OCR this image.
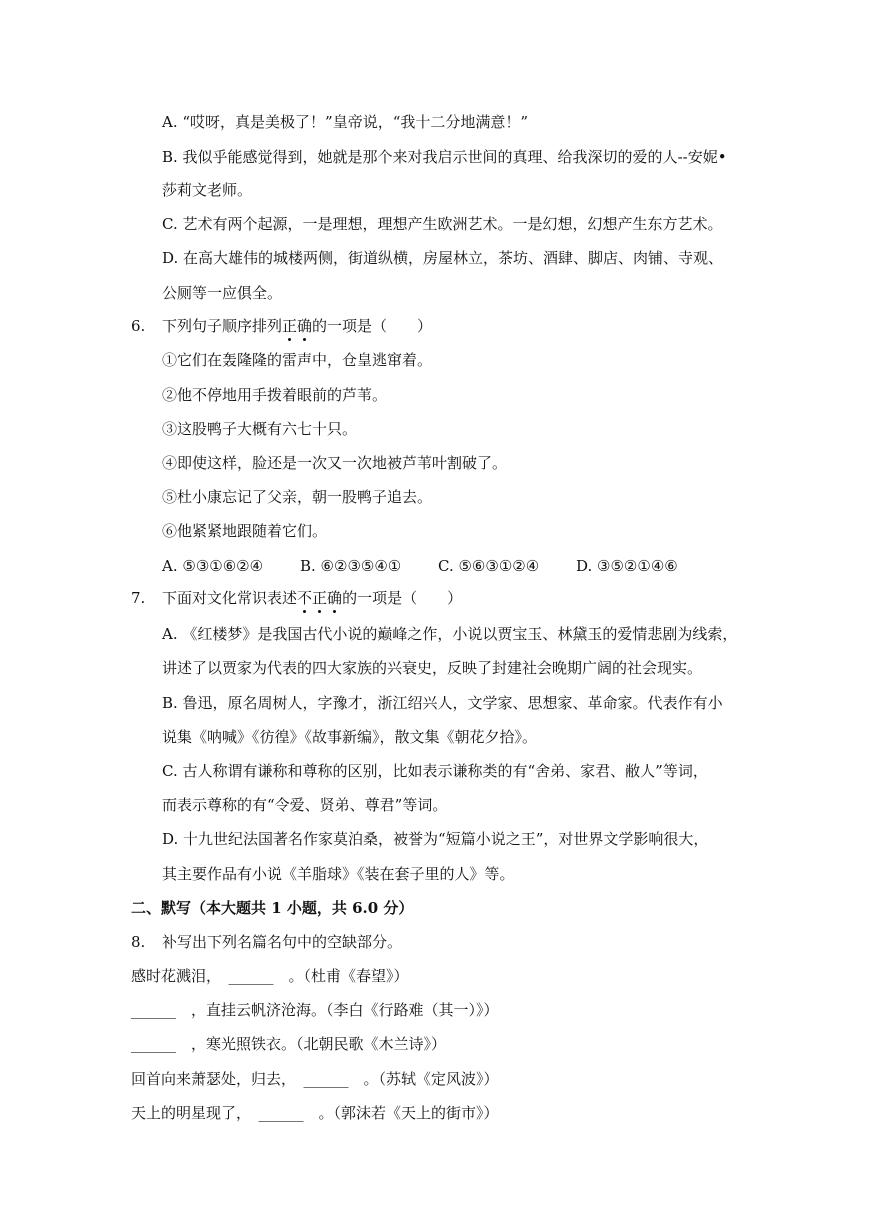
A. “哎呀，真是美极了！”皇帝说，“我十二分地满意！”
B. 我似乎能感觉得到，她就是那个来对我启示世间的真理、给我深切的爱的人--安妮•
莎莉文老师。
C. 艺术有两个起源，一是理想，理想产生欧洲艺术。一是幻想，幻想产生东方艺术。
D. 在高大雄伟的城楼两侧，街道纵横，房屋林立，茶坊、酒肆、脚店、肉铺、寺观、
公厕等一应俱全。
6. 下列句子顺序排列正确的一项是（　　）
①它们在轰隆隆的雷声中，仓皇逃窜着。
②他不停地用手拨着眼前的芦苇。
③这股鸭子大概有六七十只。
④即使这样，脸还是一次又一次地被芦苇叶割破了。
⑤杜小康忘记了父亲，朝一股鸭子追去。
⑥他紧紧地跟随着它们。
A. ⑤③①⑥②④ B. ⑥②③⑤④① C. ⑤⑥③①②④ D. ③⑤②①④⑥
7. 下面对文化常识表述不正确的一项是（　　）
A. 《红楼梦》是我国古代小说的巅峰之作，小说以贾宝玉、林黛玉的爱情悲剧为线索，
讲述了以贾家为代表的四大家族的兴衰史，反映了封建社会晚期广阔的社会现实。
B. 鲁迅，原名周树人，字豫才，浙江绍兴人，文学家、思想家、革命家。代表作有小
说集《呐喊》《彷徨》《故事新编》，散文集《朝花夕拾》。
C. 古人称谓有谦称和尊称的区别，比如表示谦称类的有“舍弟、家君、敝人”等词，
而表示尊称的有“令爱、贤弟、尊君”等词。
D. 十九世纪法国著名作家莫泊桑，被誉为“短篇小说之王”，对世界文学影响很大，
其主要作品有小说《羊脂球》《装在套子里的人》等。
二、默写（本大题共 1 小题，共 6.0 分）
8. 补写出下列名篇名句中的空缺部分。
感时花溅泪，　 ______　 。（杜甫《春望》）
______　 ，直挂云帆济沧海。（李白《行路难（其一）》）
______　 ，寒光照铁衣。（北朝民歌《木兰诗》）
回首向来萧瑟处，归去，　 ______　 。（苏轼《定风波》）
天上的明星现了，　 ______　 。（郭沫若《天上的街市》）
